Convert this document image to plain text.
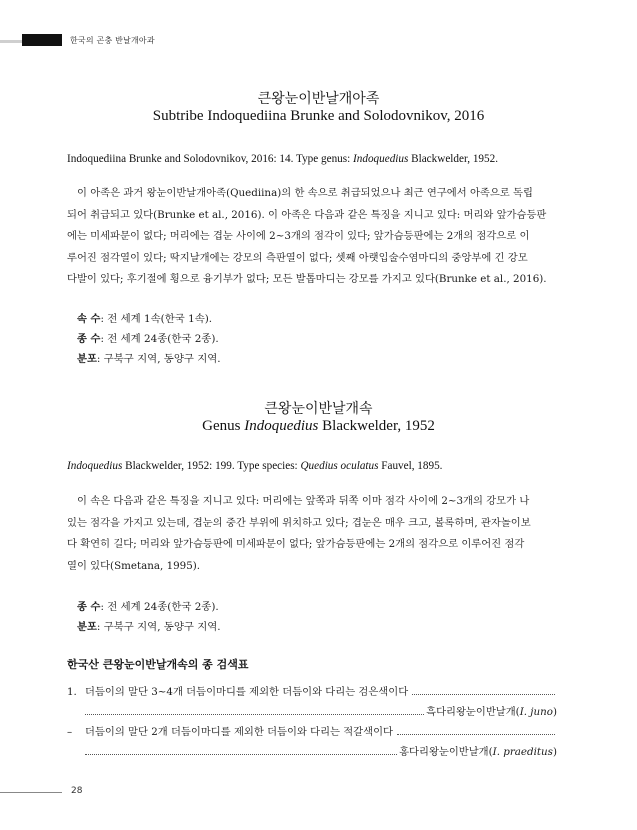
한국의 곤충 반날개아과
큰왕눈이반날개아족
Subtribe Indoquediina Brunke and Solodovnikov, 2016
Indoquediina Brunke and Solodovnikov, 2016: 14. Type genus: Indoquedius Blackwelder, 1952.
이 아족은 과거 왕눈이반날개아족(Quediina)의 한 속으로 취급되었으나 최근 연구에서 아족으로 독립
되어 취급되고 있다(Brunke et al., 2016). 이 아족은 다음과 같은 특징을 지니고 있다: 머리와 앞가슴등판
에는 미세파문이 없다; 머리에는 겹눈 사이에 2~3개의 점각이 있다; 앞가슴등판에는 2개의 점각으로 이
루어진 점각열이 있다; 딱지날개에는 강모의 측판열이 없다; 셋째 아랫입술수염마디의 중앙부에 긴 강모
다발이 있다; 후기절에 횡으로 융기부가 없다; 모든 발톱마디는 강모를 가지고 있다(Brunke et al., 2016).
속 수: 전 세계 1속(한국 1속).
종 수: 전 세계 24종(한국 2종).
분포: 구북구 지역, 동양구 지역.
큰왕눈이반날개속
Genus Indoquedius Blackwelder, 1952
Indoquedius Blackwelder, 1952: 199. Type species: Quedius oculatus Fauvel, 1895.
이 속은 다음과 같은 특징을 지니고 있다: 머리에는 앞쪽과 뒤쪽 이마 점각 사이에 2~3개의 강모가 나
있는 점각을 가지고 있는데, 겹눈의 중간 부위에 위치하고 있다; 겹눈은 매우 크고, 볼록하며, 관자놀이보
다 확연히 길다; 머리와 앞가슴등판에 미세파문이 없다; 앞가슴등판에는 2개의 점각으로 이루어진 점각
열이 있다(Smetana, 1995).
종 수: 전 세계 24종(한국 2종).
분포: 구북구 지역, 동양구 지역.
한국산 큰왕눈이반날개속의 종 검색표
1. 더듬이의 말단 3~4개 더듬이마디를 제외한 더듬이와 다리는 검은색이다
흑다리왕눈이반날개( I. juno )
–	더듬이의 말단 2개 더듬이마디를 제외한 더듬이와 다리는 적갈색이다
홍다리왕눈이반날개( I. praeditus )
28
